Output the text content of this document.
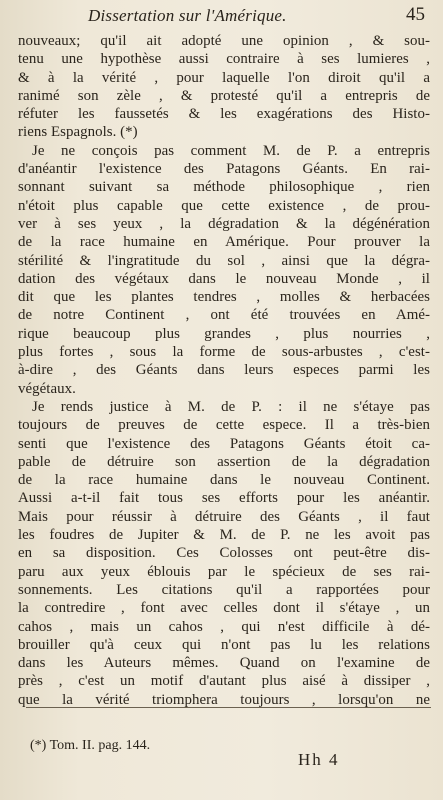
Dissertation sur l'Amérique.	45
nouveaux; qu'il ait adopté une opinion , & sou-
tenu une hypothèse aussi contraire à ses lumieres ,
& à la vérité , pour laquelle l'on diroit qu'il a
ranimé son zèle , & protesté qu'il a entrepris de
réfuter les faussetés & les exagérations des Histo-
riens Espagnols. (*)
Je ne conçois pas comment M. de P. a entrepris
d'anéantir l'existence des Patagons Géants. En rai-
sonnant suivant sa méthode philosophique , rien
n'étoit plus capable que cette existence , de prou-
ver à ses yeux , la dégradation & la dégénération
de la race humaine en Amérique. Pour prouver la
stérilité & l'ingratitude du sol , ainsi que la dégra-
dation des végétaux dans le nouveau Monde , il
dit que les plantes tendres , molles & herbacées
de notre Continent , ont été trouvées en Amé-
rique beaucoup plus grandes , plus nourries ,
plus fortes , sous la forme de sous-arbustes , c'est-
à-dire , des Géants dans leurs especes parmi les
végétaux.
Je rends justice à M. de P. : il ne s'étaye pas
toujours de preuves de cette espece. Il a très-bien
senti que l'existence des Patagons Géants étoit ca-
pable de détruire son assertion de la dégradation
de la race humaine dans le nouveau Continent.
Aussi a-t-il fait tous ses efforts pour les anéantir.
Mais pour réussir à détruire des Géants , il faut
les foudres de Jupiter & M. de P. ne les avoit pas
en sa disposition. Ces Colosses ont peut-être dis-
paru aux yeux éblouis par le spécieux de ses rai-
sonnements. Les citations qu'il a rapportées pour
la contredire , font avec celles dont il s'étaye , un
cahos , mais un cahos , qui n'est difficile à dé-
brouiller qu'à ceux qui n'ont pas lu les relations
dans les Auteurs mêmes. Quand on l'examine de
près , c'est un motif d'autant plus aisé à dissiper ,
que la vérité triomphera toujours , lorsqu'on ne
(*) Tom. II. pag. 144.
Hh 4
